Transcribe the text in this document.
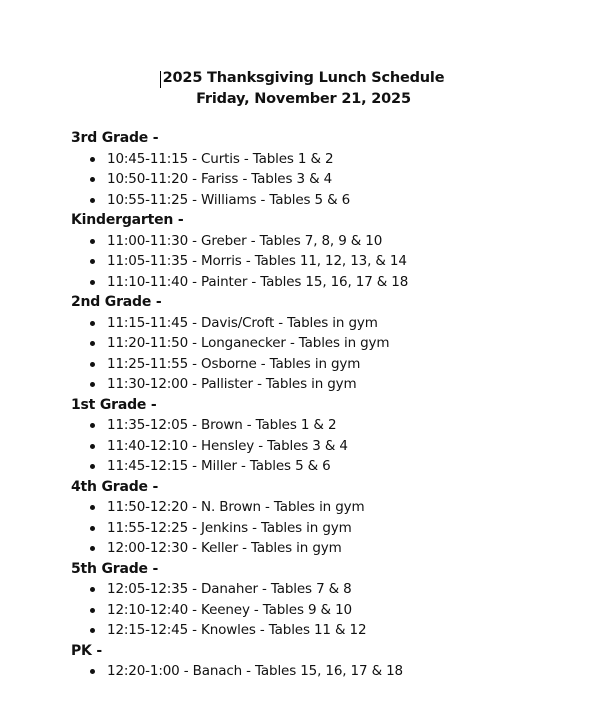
2025 Thanksgiving Lunch Schedule
Friday, November 21, 2025
3rd Grade -
10:45-11:15 - Curtis - Tables 1 & 2
10:50-11:20 - Fariss - Tables 3 & 4
10:55-11:25 - Williams - Tables 5 & 6
Kindergarten -
11:00-11:30 - Greber - Tables 7, 8, 9 & 10
11:05-11:35 - Morris - Tables 11, 12, 13, & 14
11:10-11:40 - Painter - Tables 15, 16, 17 & 18
2nd Grade -
11:15-11:45 - Davis/Croft - Tables in gym
11:20-11:50 - Longanecker - Tables in gym
11:25-11:55 - Osborne - Tables in gym
11:30-12:00 - Pallister - Tables in gym
1st Grade -
11:35-12:05 - Brown - Tables 1 & 2
11:40-12:10 - Hensley - Tables 3 & 4
11:45-12:15 - Miller - Tables 5 & 6
4th Grade -
11:50-12:20 - N. Brown - Tables in gym
11:55-12:25 - Jenkins - Tables in gym
12:00-12:30 - Keller - Tables in gym
5th Grade -
12:05-12:35 - Danaher - Tables 7 & 8
12:10-12:40 - Keeney - Tables 9 & 10
12:15-12:45 - Knowles - Tables 11 & 12
PK -
12:20-1:00 - Banach - Tables 15, 16, 17 & 18
